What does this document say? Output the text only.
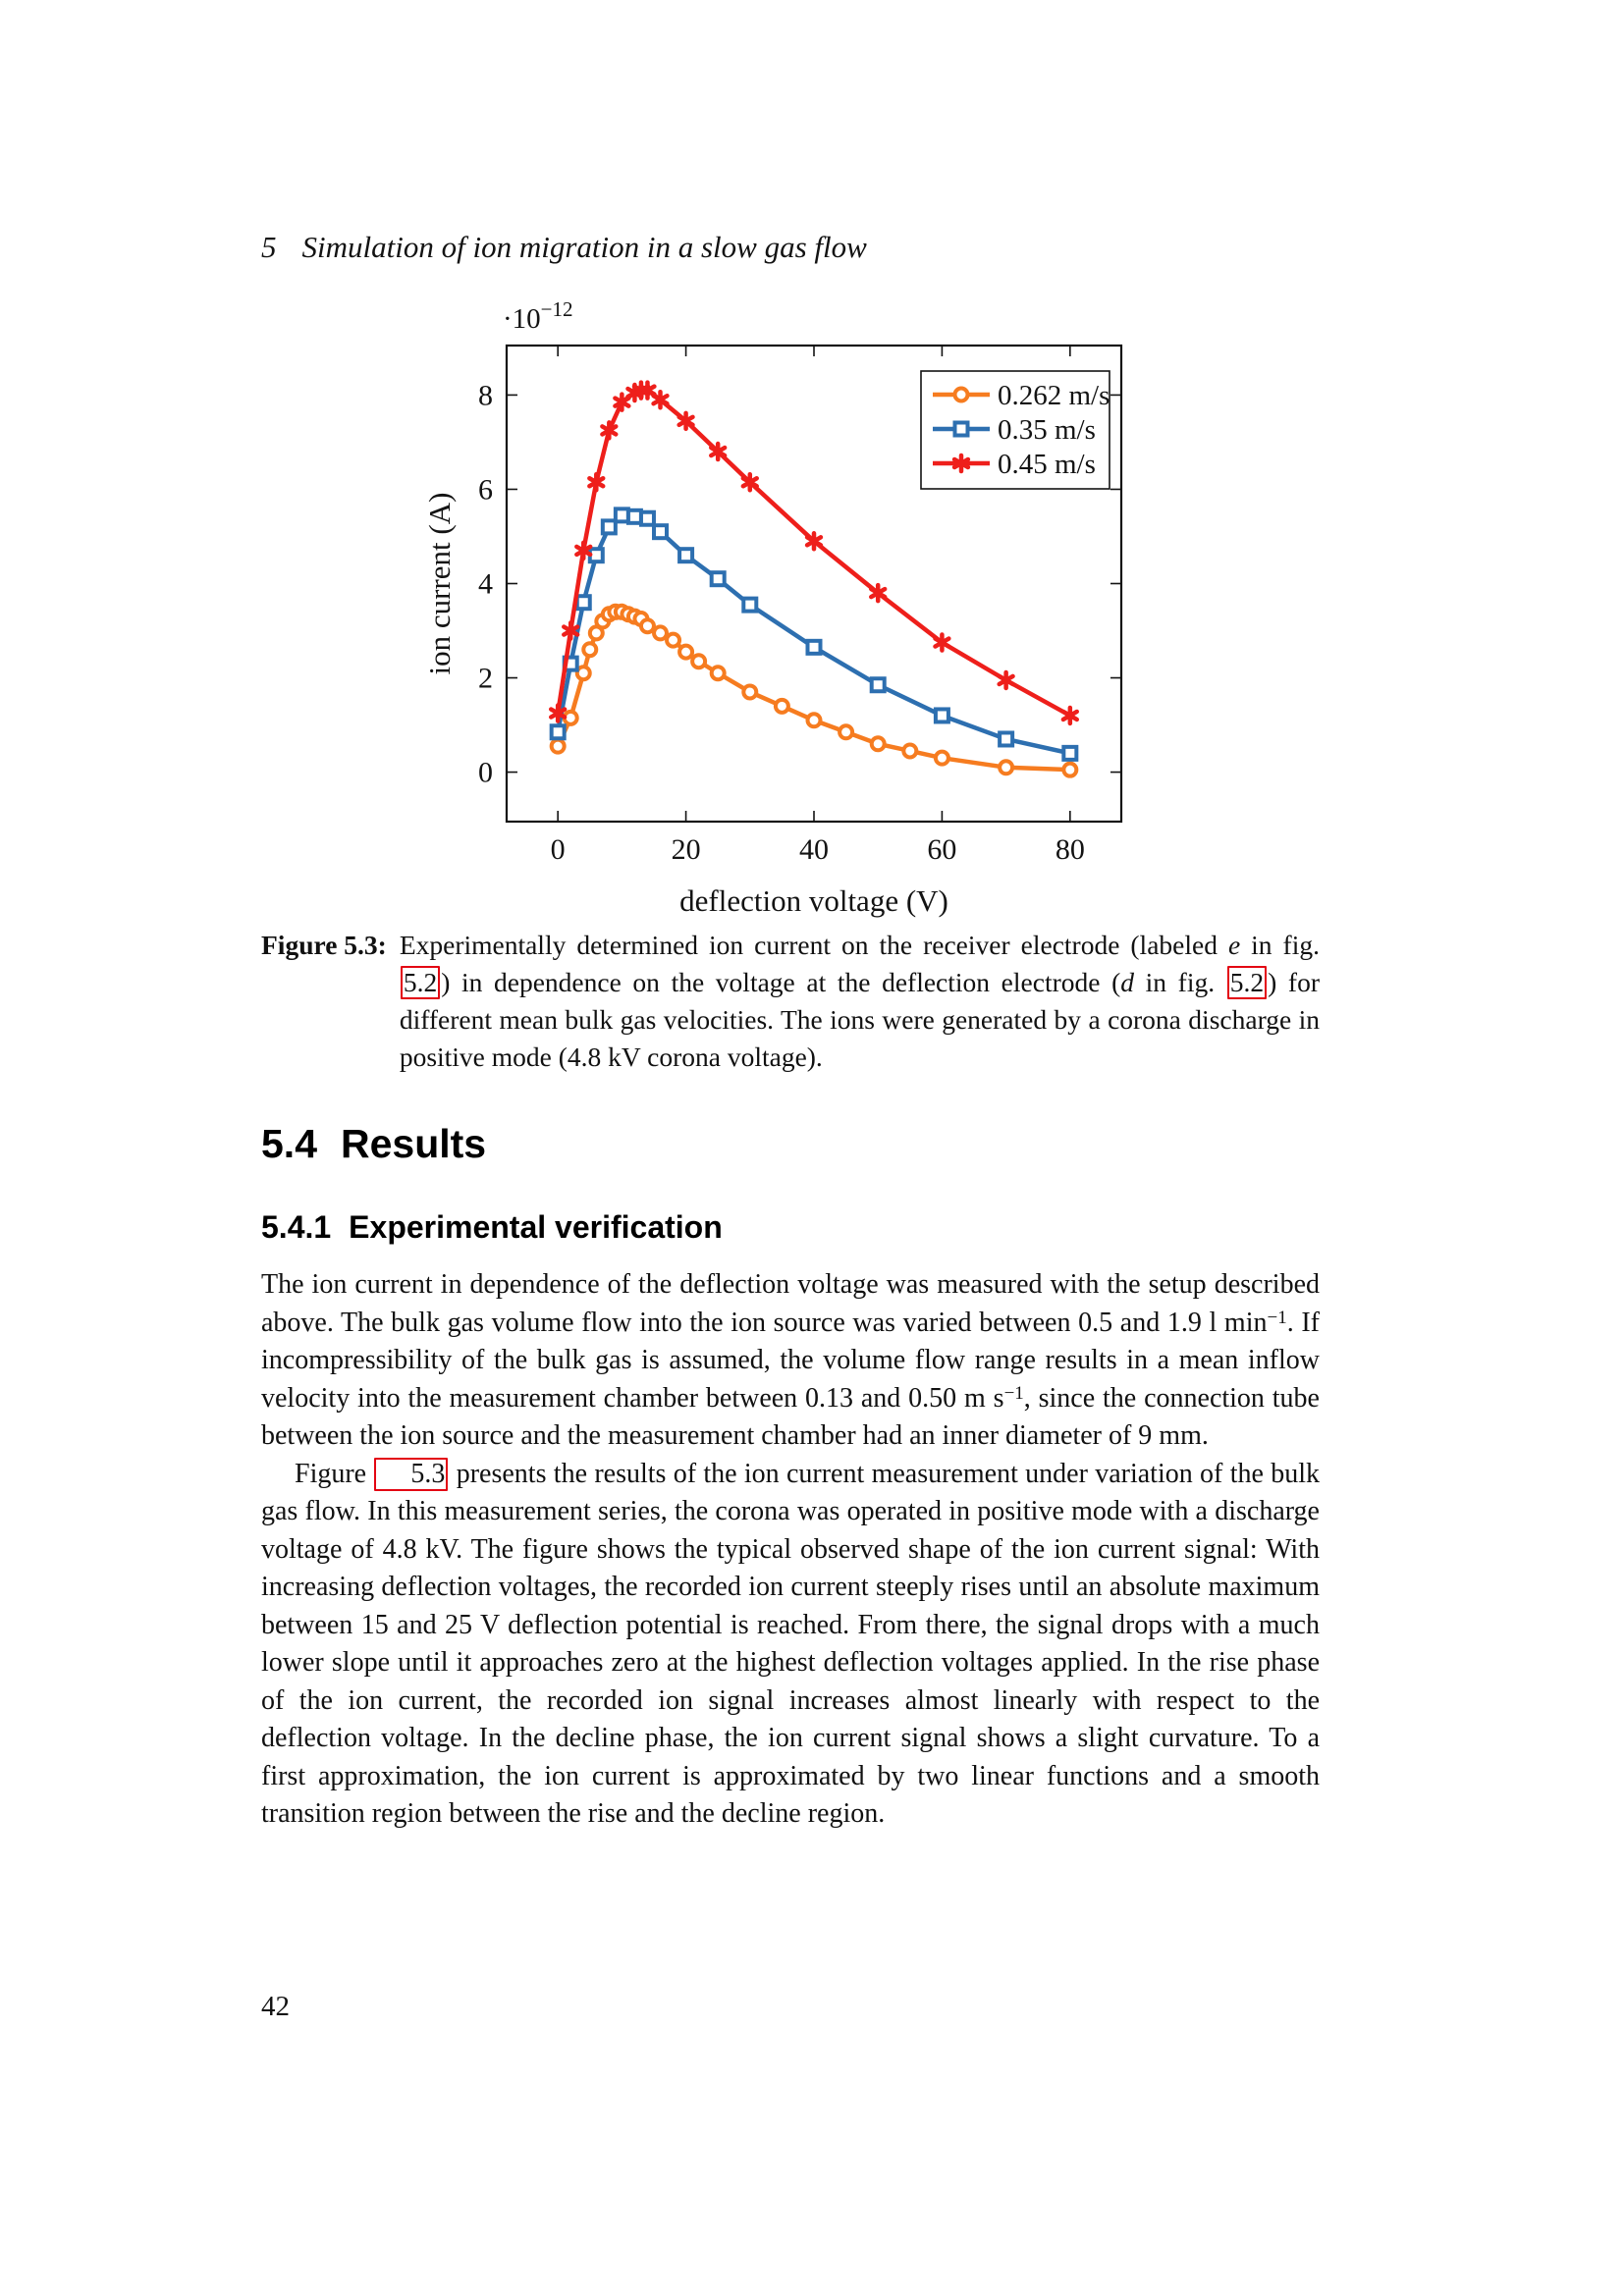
5 Simulation of ion migration in a slow gas flow
0	20	40	60	80
0
2
4
6
8	0.262 m/s
0.35 m/s
0.45 m/s
deflection voltage (V)
ion current (A)
$\cdot 10^{-12}$
Figure 5.3: Experimentally determined ion current on the receiver electrode (labeled e in fig. 5.2 ) in dependence on the voltage at the deflection electrode (d in fig. 5.2 ) for different mean bulk gas velocities. The ions were generated by a corona discharge in positive mode (4.8 kV corona voltage).
5.4 Results
5.4.1 Experimental verification

The ion current in dependence of the deflection voltage was measured with the setup described above. The bulk gas volume flow into the ion source was varied between 0.5 and 1.9 l $\min^{-1}$. If incompressibility of the bulk gas is assumed, the volume flow range results in a mean inflow velocity into the measurement chamber between 0.13 and 0.50 m $s^{-1}$, since the connection tube between the ion source and the measurement chamber had an inner diameter of 9 mm.

Figure 5.3 presents the results of the ion current measurement under variation of the bulk gas flow. In this measurement series, the corona was operated in positive mode with a discharge voltage of 4.8 kV. The figure shows the typical observed shape of the ion current signal: With increasing deflection voltages, the recorded ion current steeply rises until an absolute maximum between 15 and 25 V deflection potential is reached. From there, the signal drops with a much lower slope until it approaches zero at the highest deflection voltages applied. In the rise phase of the ion current, the recorded ion signal increases almost linearly with respect to the deflection voltage. In the decline phase, the ion current signal shows a slight curvature. To a first approximation, the ion current is approximated by two linear functions and a smooth transition region between the rise and the decline region.

42
